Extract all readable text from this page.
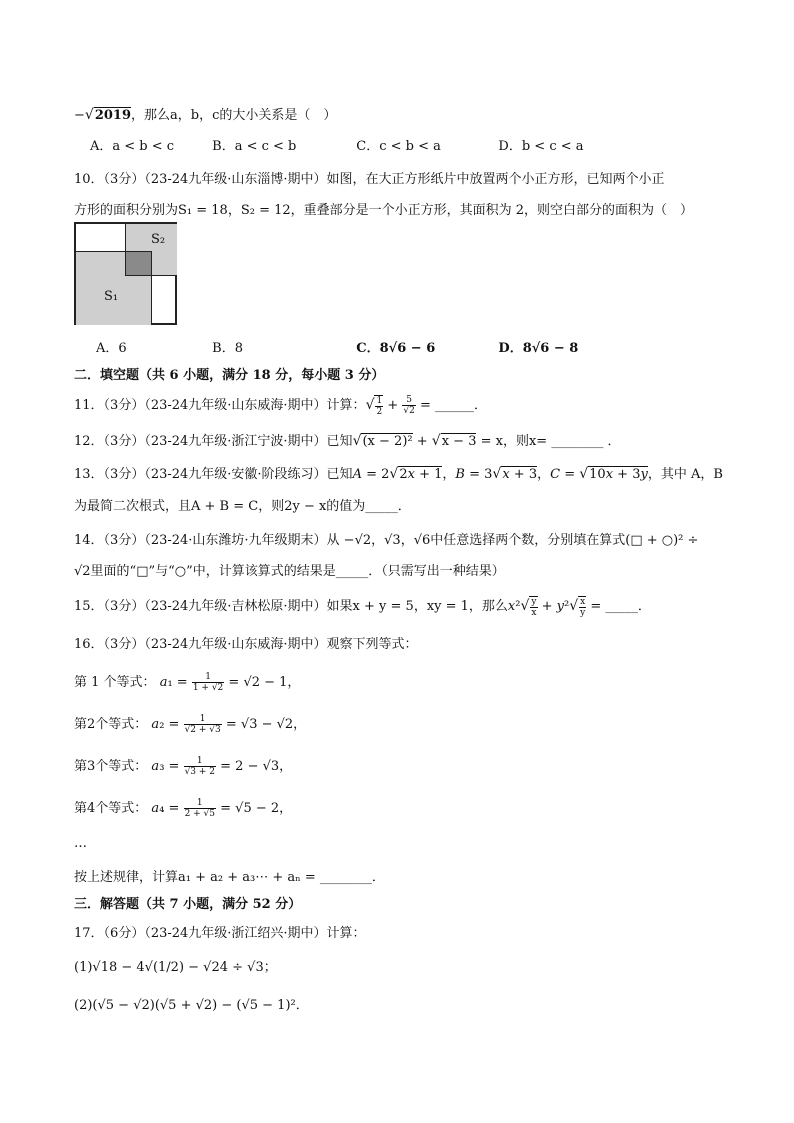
−√2019，那么a，b，c的大小关系是（　）
A．a < b < c	B．a < c < b	C．c < b < a	D．b < c < a
10．（3分）（23-24九年级·山东淄博·期中）如图，在大正方形纸片中放置两个小正方形，已知两个小正
方形的面积分别为S₁ = 18，S₂ = 12，重叠部分是一个小正方形，其面积为 2，则空白部分的面积为（　）
S₁
S₂
A．6	B．8	C．8√6 − 6	D．8√6 − 8
二．填空题（共 6 小题，满分 18 分，每小题 3 分）
11．（3分）（23-24九年级·山东威海·期中）计算：√ $\frac{1}{2} + \frac{5}{√2}$ = ______．
12．（3分）（23-24九年级·浙江宁波·期中）已知√(x − 2)² + √x − 3 = x，则x= ________ ．
13．（3分）（23-24九年级·安徽·阶段练习）已知A = 2√2x + 1，B = 3√x + 3，C = √10x + 3y，其中 A，B
为最简二次根式，且A + B = C，则2y − x的值为_____．
14．（3分）（23-24·山东潍坊·九年级期末）从 −√2，√3，√6中任意选择两个数，分别填在算式(□ + ○)² ÷
√2里面的“□”与“○”中，计算该算式的结果是_____．（只需写出一种结果）
15．（3分）（23-24九年级·吉林松原·期中）如果x + y = 5，xy = 1，那么$x^2√ \frac{y}{x} + y^2√ \frac{x}{y}$ = _____．
16．（3分）（23-24九年级·山东威海·期中）观察下列等式：
第 1 个等式： $a_1 = \frac{1}{1 + √2} = √2 - 1$，
第2个等式： $a_2 = \frac{1}{√2 + √3} = √3 - √2$，
第3个等式： $a_3 = \frac{1}{√3 + 2} = 2 - √3$，
第4个等式： $a_4 = \frac{1}{2 + √5} = √5 - 2$，
…
按上述规律，计算a₁ + a₂ + a₃⋯ + aₙ = ________．
三．解答题（共 7 小题，满分 52 分）
17．（6分）（23-24九年级·浙江绍兴·期中）计算：
(1)√18 − 4√(1/2) − √24 ÷ √3；
(2)(√5 − √2)(√5 + √2) − (√5 − 1)²．
